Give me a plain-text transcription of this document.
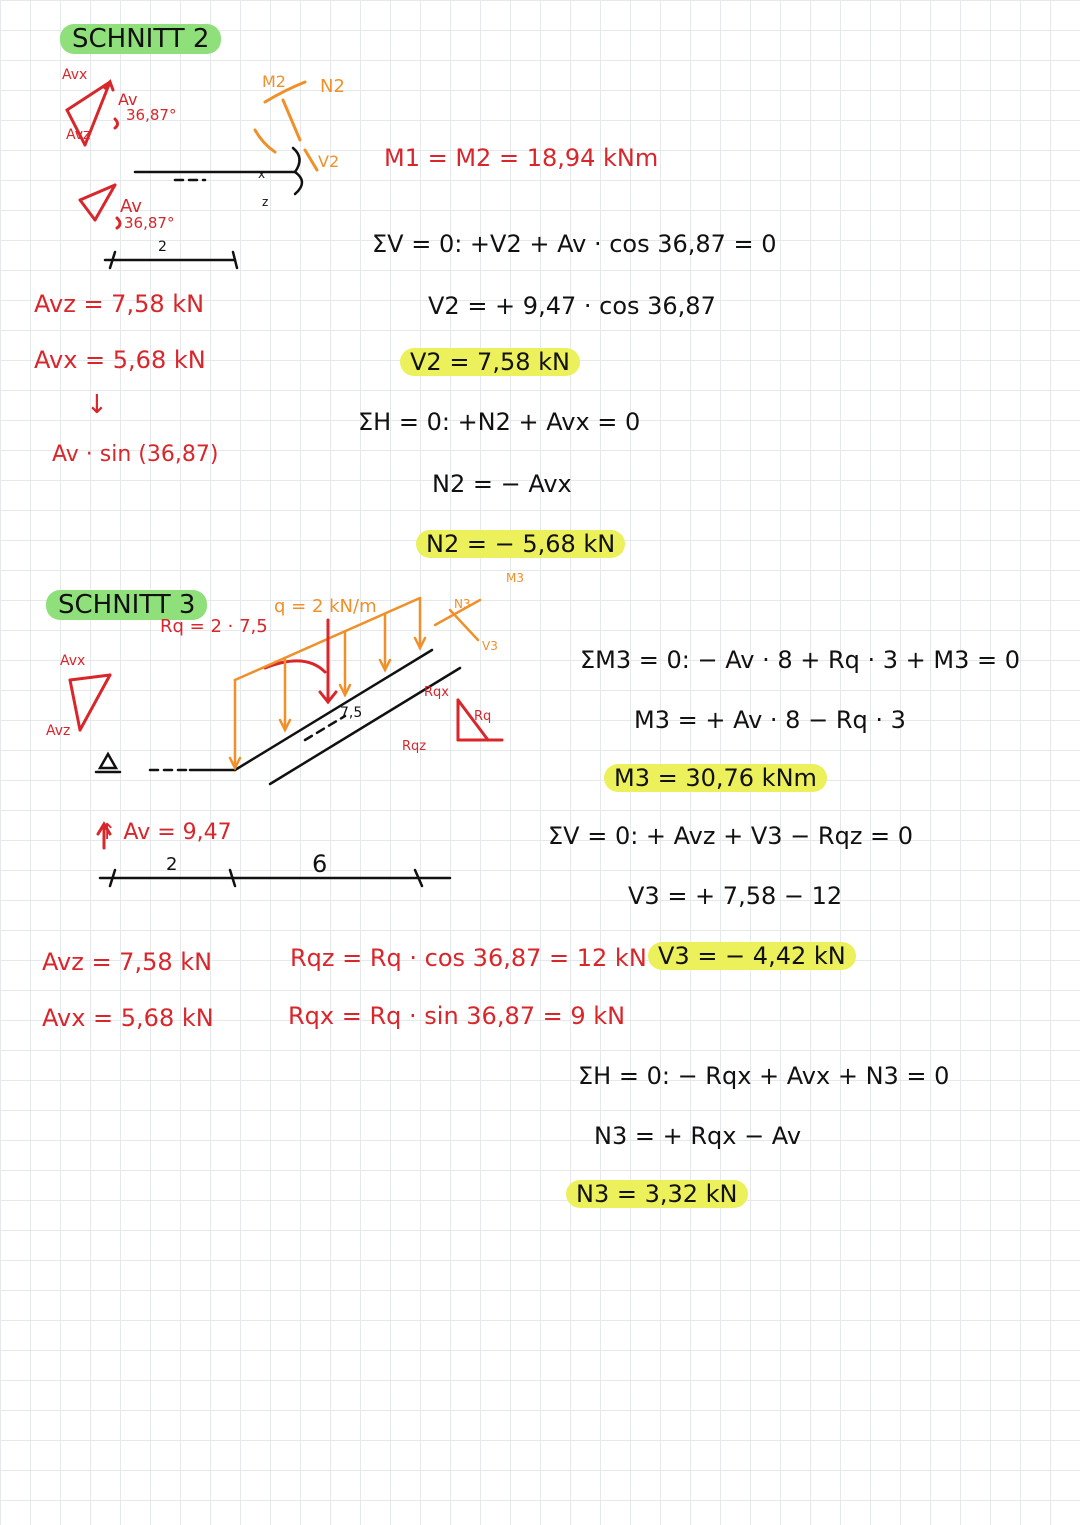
SCHNITT 2
Avx
Av
36,87°
Avz
Av
36,87°
2
M2 N2
V2
x
z
Avz = 7,58 kN
Avx = 5,68 kN
↓
Av · sin (36,87)
M1 = M2 = 18,94 kNm
ΣV = 0: +V2 + Av · cos 36,87 = 0
V2 = + 9,47 · cos 36,87
V2 = 7,58 kN
ΣH = 0: +N2 + Avx = 0
N2 = − Avx
N2 = − 5,68 kN
SCHNITT 3
Avx
Avz
Rq = 2 · 7,5
q = 2 kN/m
7,5
M3
N3
V3
Rqx
Rq
Rqz
↑ Av = 9,47
2	6
Avz = 7,58 kN
Avx = 5,68 kN
ΣM3 = 0: − Av · 8 + Rq · 3 + M3 = 0
M3 = + Av · 8 − Rq · 3
M3 = 30,76 kNm
ΣV = 0: + Avz + V3 − Rqz = 0
V3 = + 7,58 − 12
Rqz = Rq · cos 36,87 = 12 kN V3 = − 4,42 kN
Rqx = Rq · sin 36,87 = 9 kN
ΣH = 0: − Rqx + Avx + N3 = 0
N3 = + Rqx − Av
N3 = 3,32 kN
